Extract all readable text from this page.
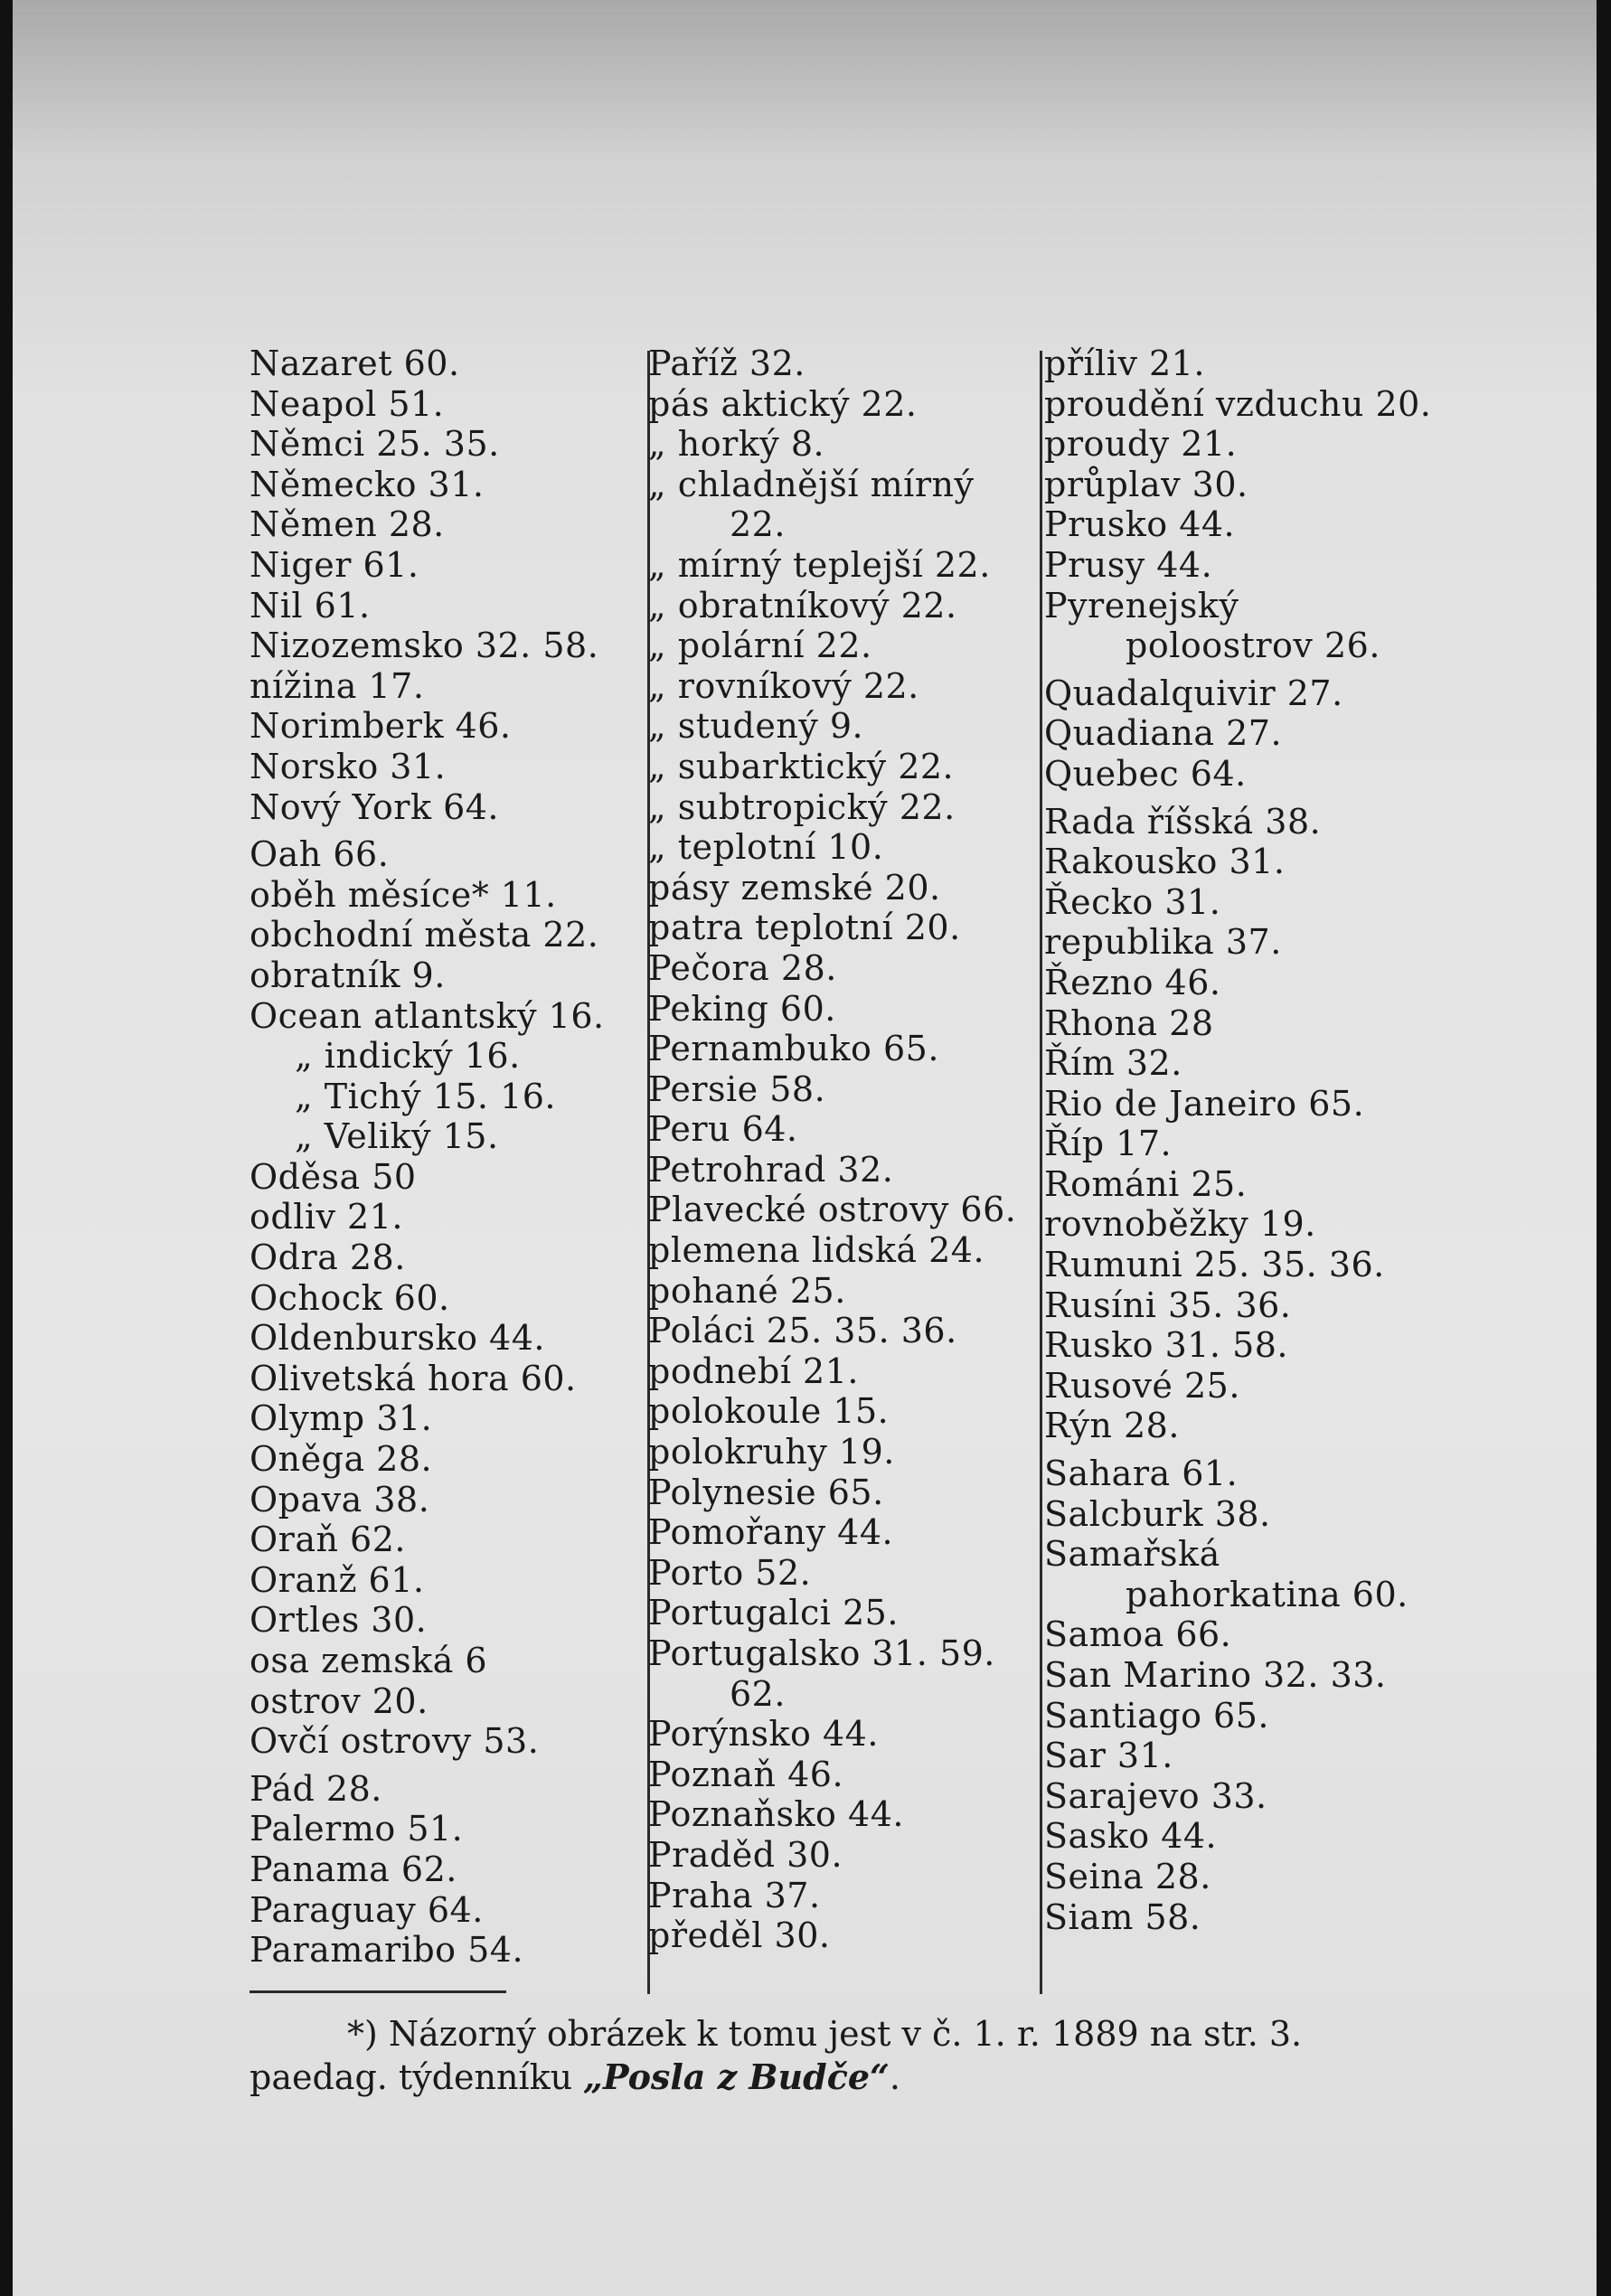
Nazaret 60.
Neapol 51.
Němci 25. 35.
Německo 31.
Němen 28.
Niger 61.
Nil 61.
Nizozemsko 32. 58.
nížina 17.
Norimberk 46.
Norsko 31.
Nový York 64.
Oah 66.
oběh měsíce* 11.
obchodní města 22.
obratník 9.
Ocean atlantský 16.
„ indický 16.
„ Tichý 15. 16.
„ Veliký 15.
Oděsa 50
odliv 21.
Odra 28.
Ochock 60.
Oldenbursko 44.
Olivetská hora 60.
Olymp 31.
Oněga 28.
Opava 38.
Oraň 62.
Oranž 61.
Ortles 30.
osa zemská 6
ostrov 20.
Ovčí ostrovy 53.
Pád 28.
Palermo 51.
Panama 62.
Paraguay 64.
Paramaribo 54.
Paříž 32.
pás aktický 22.
„ horký 8.
„ chladnější mírný 22.
„ mírný teplejší 22.
„ obratníkový 22.
„ polární 22.
„ rovníkový 22.
„ studený 9.
„ subarktický 22.
„ subtropický 22.
„ teplotní 10.
pásy zemské 20.
patra teplotní 20.
Pečora 28.
Peking 60.
Pernambuko 65.
Persie 58.
Peru 64.
Petrohrad 32.
Plavecké ostrovy 66.
plemena lidská 24.
pohané 25.
Poláci 25. 35. 36.
podnebí 21.
polokoule 15.
polokruhy 19.
Polynesie 65.
Pomořany 44.
Porto 52.
Portugalci 25.
Portugalsko 31. 59. 62.
Porýnsko 44.
Poznaň 46.
Poznaňsko 44.
Praděd 30.
Praha 37.
předěl 30.
příliv 21.
proudění vzduchu 20.
proudy 21.
průplav 30.
Prusko 44.
Prusy 44.
Pyrenejský poloostrov 26.
Quadalquivir 27.
Quadiana 27.
Quebec 64.
Rada říšská 38.
Rakousko 31.
Řecko 31.
republika 37.
Řezno 46.
Rhona 28
Řím 32.
Rio de Janeiro 65.
Říp 17.
Románi 25.
rovnoběžky 19.
Rumuni 25. 35. 36.
Rusíni 35. 36.
Rusko 31. 58.
Rusové 25.
Rýn 28.
Sahara 61.
Salcburk 38.
Samařská pahorkatina 60.
Samoa 66.
San Marino 32. 33.
Santiago 65.
Sar 31.
Sarajevo 33.
Sasko 44.
Seina 28.
Siam 58.
*) Názorný obrázek k tomu jest v č. 1. r. 1889 na str. 3.
paedag. týdenníku „Posla z Budče“.
